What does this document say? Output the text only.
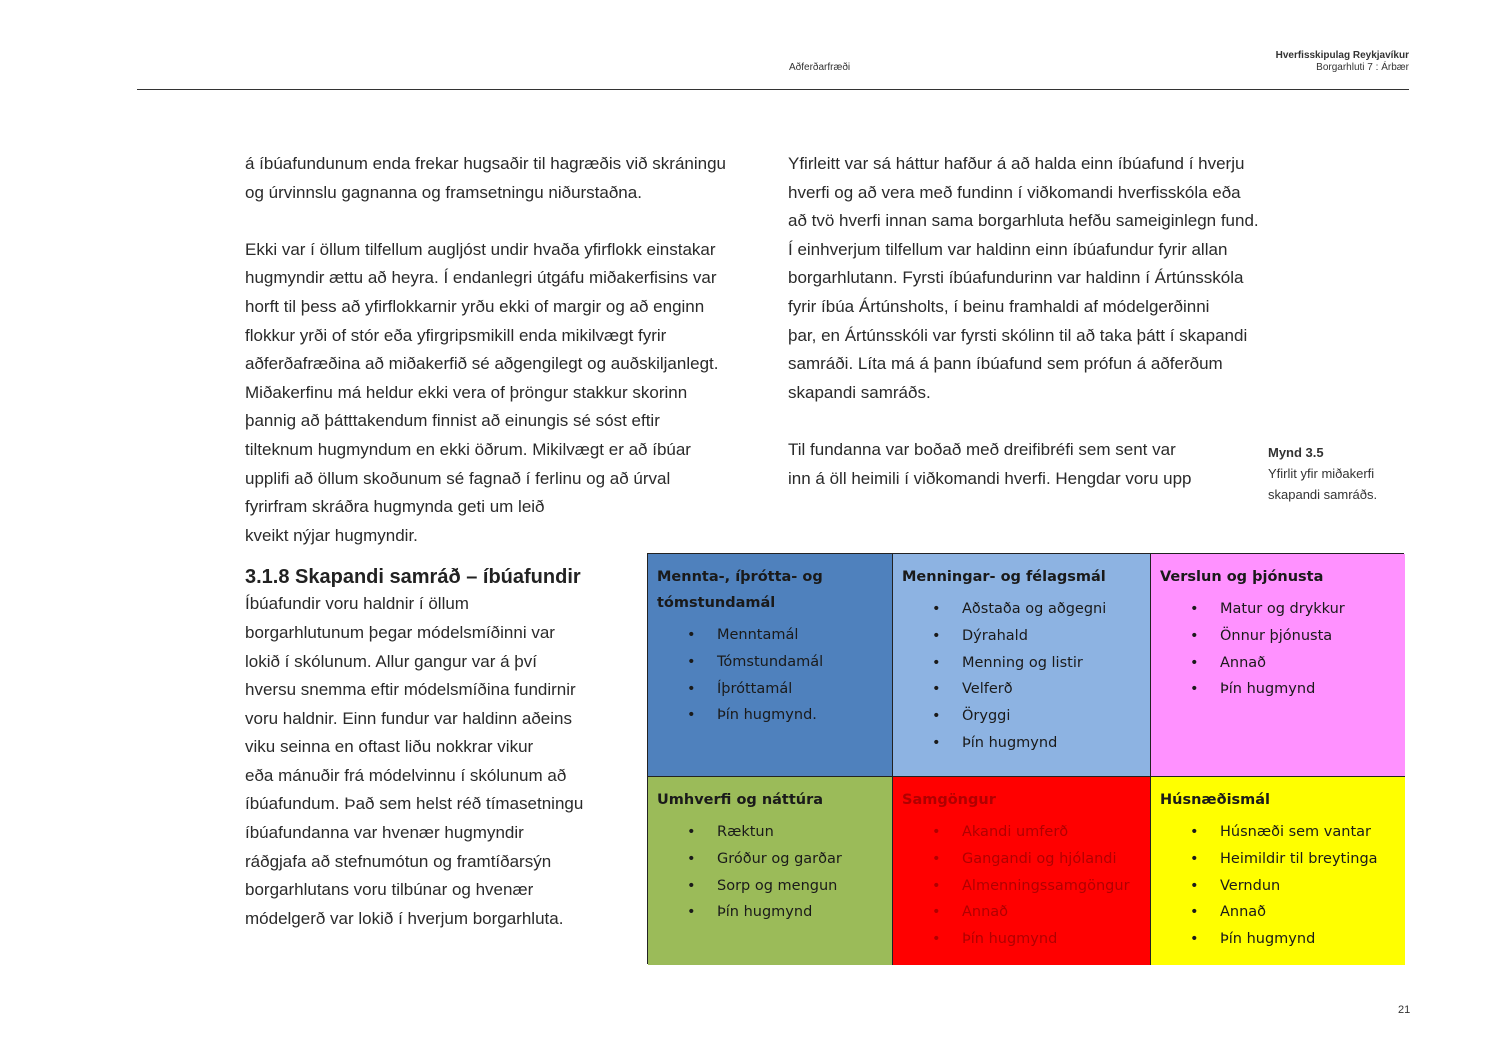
Aðferðarfræði
Hverfisskipulag Reykjavíkur
Borgarhluti 7 : Árbær
á íbúafundunum enda frekar hugsaðir til hagræðis við skráningu
og úrvinnslu gagnanna og framsetningu niðurstaðna.
Ekki var í öllum tilfellum augljóst undir hvaða yfirflokk einstakar
hugmyndir ættu að heyra. Í endanlegri útgáfu miðakerfisins var
horft til þess að yfirflokkarnir yrðu ekki of margir og að enginn
flokkur yrði of stór eða yfirgripsmikill enda mikilvægt fyrir
aðferðafræðina að miðakerfið sé aðgengilegt og auðskiljanlegt.
Miðakerfinu má heldur ekki vera of þröngur stakkur skorinn
þannig að þátttakendum finnist að einungis sé sóst eftir
tilteknum hugmyndum en ekki öðrum. Mikilvægt er að íbúar
upplifi að öllum skoðunum sé fagnað í ferlinu og að úrval
fyrirfram skráðra hugmynda geti um leið
kveikt nýjar hugmyndir.
3.1.8 Skapandi samráð – íbúafundir
Íbúafundir voru haldnir í öllum
borgarhlutunum þegar módelsmíðinni var
lokið í skólunum. Allur gangur var á því
hversu snemma eftir módelsmíðina fundirnir
voru haldnir. Einn fundur var haldinn aðeins
viku seinna en oftast liðu nokkrar vikur
eða mánuðir frá módelvinnu í skólunum að
íbúafundum. Það sem helst réð tímasetningu
íbúafundanna var hvenær hugmyndir
ráðgjafa að stefnumótun og framtíðarsýn
borgarhlutans voru tilbúnar og hvenær
módelgerð var lokið í hverjum borgarhluta.
Yfirleitt var sá háttur hafður á að halda einn íbúafund í hverju
hverfi og að vera með fundinn í viðkomandi hverfisskóla eða
að tvö hverfi innan sama borgarhluta hefðu sameiginlegn fund.
Í einhverjum tilfellum var haldinn einn íbúafundur fyrir allan
borgarhlutann. Fyrsti íbúafundurinn var haldinn í Ártúnsskóla
fyrir íbúa Ártúnsholts, í beinu framhaldi af módelgerðinni
þar, en Ártúnsskóli var fyrsti skólinn til að taka þátt í skapandi
samráði. Líta má á þann íbúafund sem prófun á aðferðum
skapandi samráðs.
Til fundanna var boðað með dreifibréfi sem sent var
inn á öll heimili í viðkomandi hverfi. Hengdar voru upp
Mynd 3.5
Yfirlit yfir miðakerfi
skapandi samráðs.
Mennta-, íþrótta- og tómstundamál
• Menntamál
• Tómstundamál
• Íþróttamál
• Þín hugmynd.
Menningar- og félagsmál
• Aðstaða og aðgegni
• Dýrahald
• Menning og listir
• Velferð
• Öryggi
• Þín hugmynd
Verslun og þjónusta
• Matur og drykkur
• Önnur þjónusta
• Annað
• Þín hugmynd
Umhverfi og náttúra
• Ræktun
• Gróður og garðar
• Sorp og mengun
• Þín hugmynd
Samgöngur
• Akandi umferð
• Gangandi og hjólandi
• Almenningssamgöngur
• Annað
• Þín hugmynd
Húsnæðismál
• Húsnæði sem vantar
• Heimildir til breytinga
• Verndun
• Annað
• Þín hugmynd
21
